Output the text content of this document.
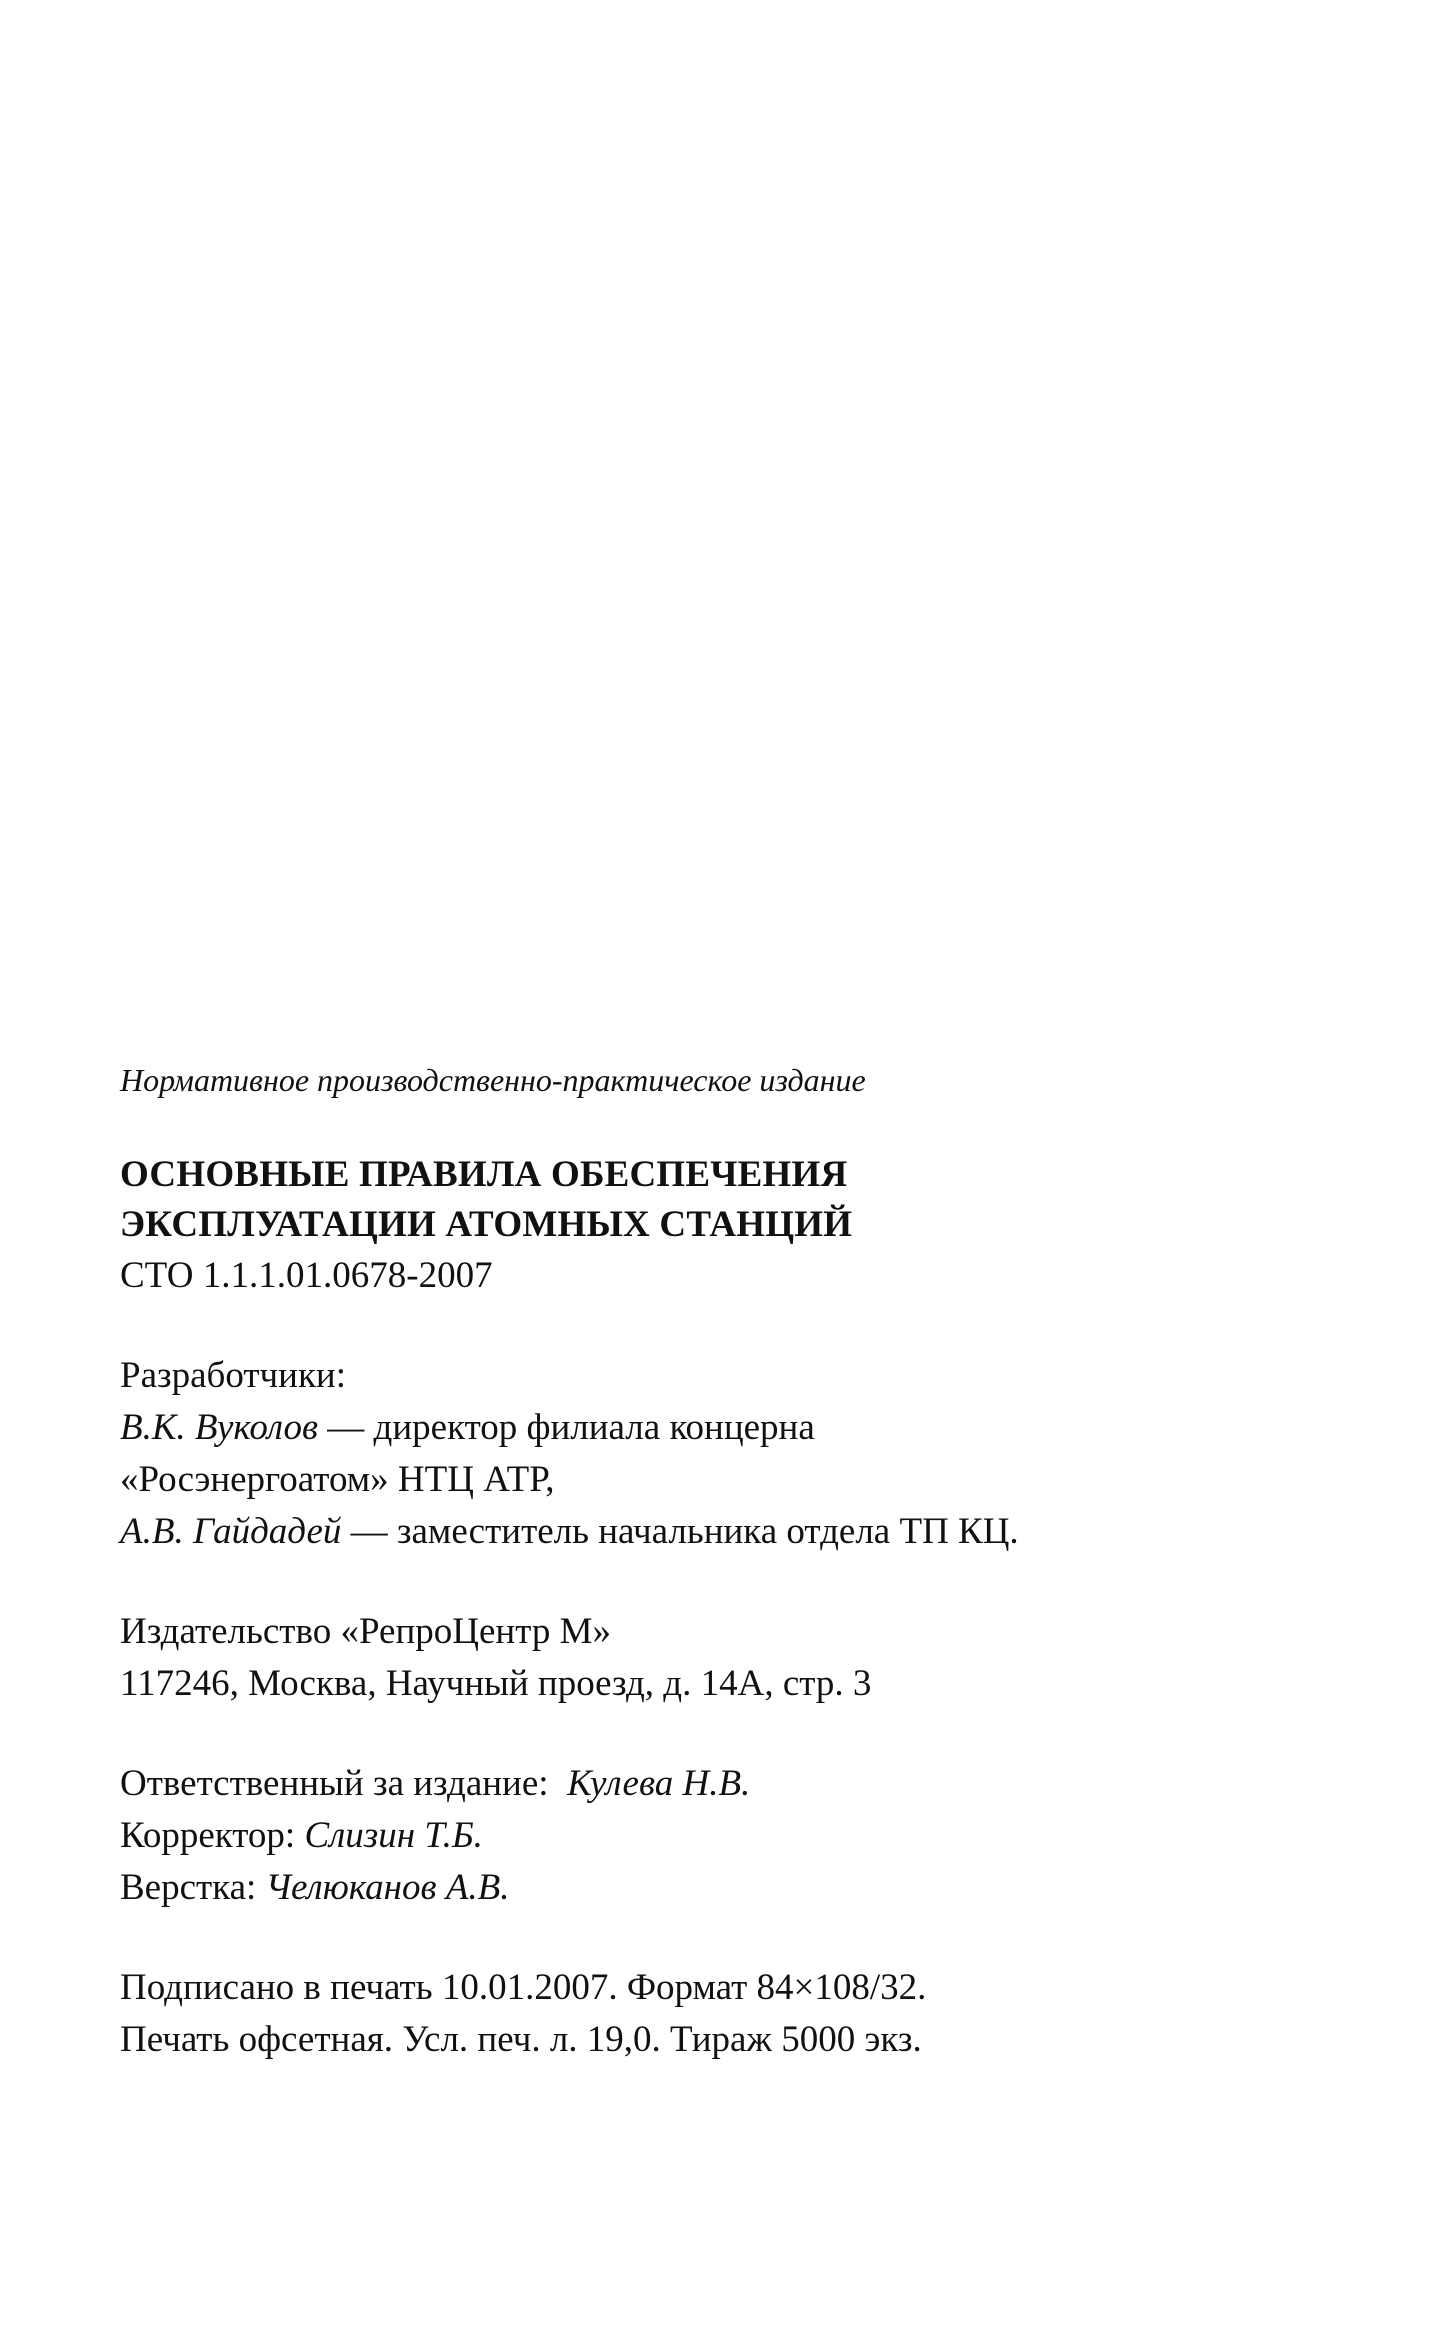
Нормативное производственно-практическое издание
ОСНОВНЫЕ ПРАВИЛА ОБЕСПЕЧЕНИЯ
ЭКСПЛУАТАЦИИ АТОМНЫХ СТАНЦИЙ
СТО 1.1.1.01.0678-2007
Разработчики:
В.К. Вуколов — директор филиала концерна
«Росэнергоатом» НТЦ АТР,
А.В. Гайдадей — заместитель начальника отдела ТП КЦ.
Издательство «РепроЦентр М»
117246, Москва, Научный проезд, д. 14А, стр. 3
Ответственный за издание:  Кулева Н.В.
Корректор: Слизин Т.Б.
Верстка: Челюканов А.В.
Подписано в печать 10.01.2007. Формат 84×108/32.
Печать офсетная. Усл. печ. л. 19,0. Тираж 5000 экз.
